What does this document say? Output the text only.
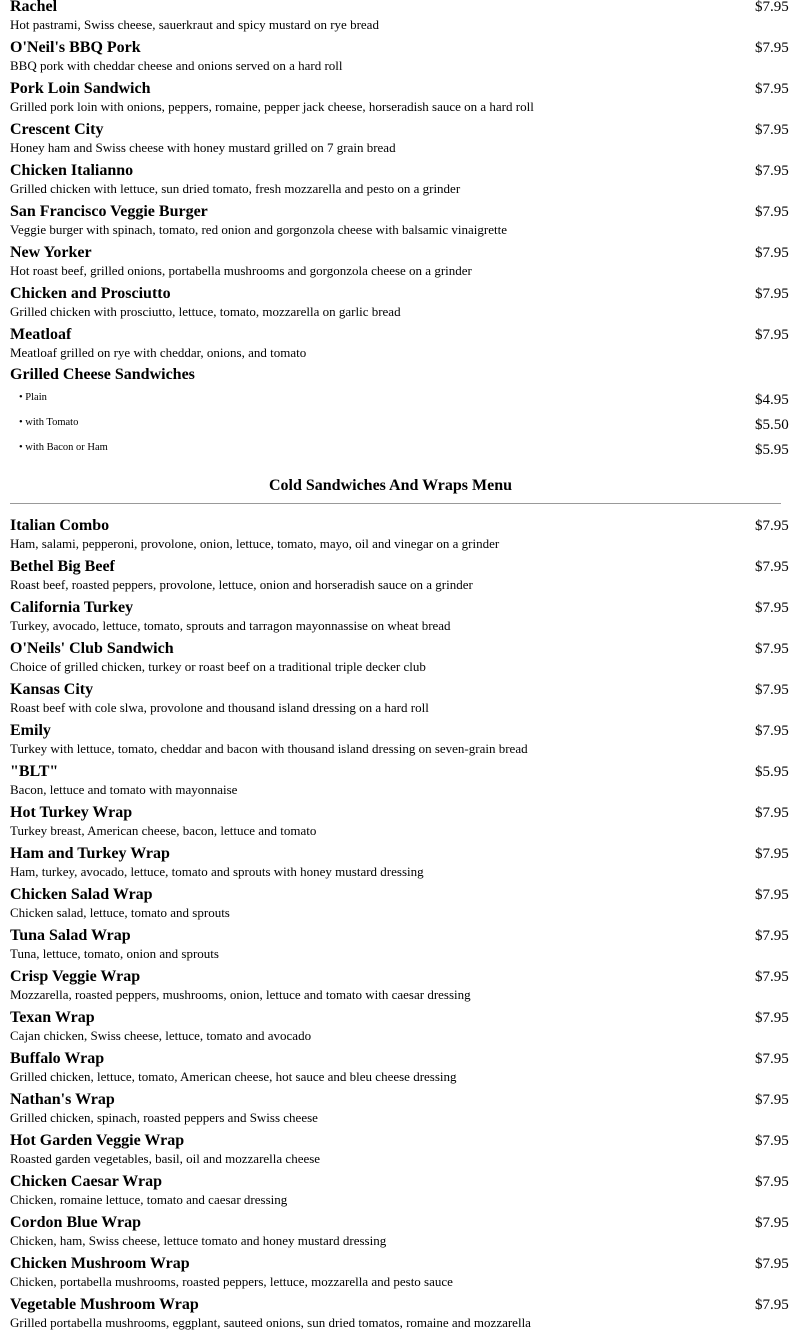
Rachel
Hot pastrami, Swiss cheese, sauerkraut and spicy mustard on rye bread
$7.95
O'Neil's BBQ Pork
BBQ pork with cheddar cheese and onions served on a hard roll
$7.95
Pork Loin Sandwich
Grilled pork loin with onions, peppers, romaine, pepper jack cheese, horseradish sauce on a hard roll
$7.95
Crescent City
Honey ham and Swiss cheese with honey mustard grilled on 7 grain bread
$7.95
Chicken Italianno
Grilled chicken with lettuce, sun dried tomato, fresh mozzarella and pesto on a grinder
$7.95
San Francisco Veggie Burger
Veggie burger with spinach, tomato, red onion and gorgonzola cheese with balsamic vinaigrette
$7.95
New Yorker
Hot roast beef, grilled onions, portabella mushrooms and gorgonzola cheese on a grinder
$7.95
Chicken and Prosciutto
Grilled chicken with prosciutto, lettuce, tomato, mozzarella on garlic bread
$7.95
Meatloaf
Meatloaf grilled on rye with cheddar, onions, and tomato
$7.95
Grilled Cheese Sandwiches
• Plain	$4.95
• with Tomato	$5.50
• with Bacon or Ham	$5.95
Cold Sandwiches And Wraps Menu
Italian Combo
Ham, salami, pepperoni, provolone, onion, lettuce, tomato, mayo, oil and vinegar on a grinder
$7.95
Bethel Big Beef
Roast beef, roasted peppers, provolone, lettuce, onion and horseradish sauce on a grinder
$7.95
California Turkey
Turkey, avocado, lettuce, tomato, sprouts and tarragon mayonnassise on wheat bread
$7.95
O'Neils' Club Sandwich
Choice of grilled chicken, turkey or roast beef on a traditional triple decker club
$7.95
Kansas City
Roast beef with cole slwa, provolone and thousand island dressing on a hard roll
$7.95
Emily
Turkey with lettuce, tomato, cheddar and bacon with thousand island dressing on seven-grain bread
$7.95
"BLT"
Bacon, lettuce and tomato with mayonnaise
$5.95
Hot Turkey Wrap
Turkey breast, American cheese, bacon, lettuce and tomato
$7.95
Ham and Turkey Wrap
Ham, turkey, avocado, lettuce, tomato and sprouts with honey mustard dressing
$7.95
Chicken Salad Wrap
Chicken salad, lettuce, tomato and sprouts
$7.95
Tuna Salad Wrap
Tuna, lettuce, tomato, onion and sprouts
$7.95
Crisp Veggie Wrap
Mozzarella, roasted peppers, mushrooms, onion, lettuce and tomato with caesar dressing
$7.95
Texan Wrap
Cajan chicken, Swiss cheese, lettuce, tomato and avocado
$7.95
Buffalo Wrap
Grilled chicken, lettuce, tomato, American cheese, hot sauce and bleu cheese dressing
$7.95
Nathan's Wrap
Grilled chicken, spinach, roasted peppers and Swiss cheese
$7.95
Hot Garden Veggie Wrap
Roasted garden vegetables, basil, oil and mozzarella cheese
$7.95
Chicken Caesar Wrap
Chicken, romaine lettuce, tomato and caesar dressing
$7.95
Cordon Blue Wrap
Chicken, ham, Swiss cheese, lettuce tomato and honey mustard dressing
$7.95
Chicken Mushroom Wrap
Chicken, portabella mushrooms, roasted peppers, lettuce, mozzarella and pesto sauce
$7.95
Vegetable Mushroom Wrap
Grilled portabella mushrooms, eggplant, sauteed onions, sun dried tomatos, romaine and mozzarella
$7.95
